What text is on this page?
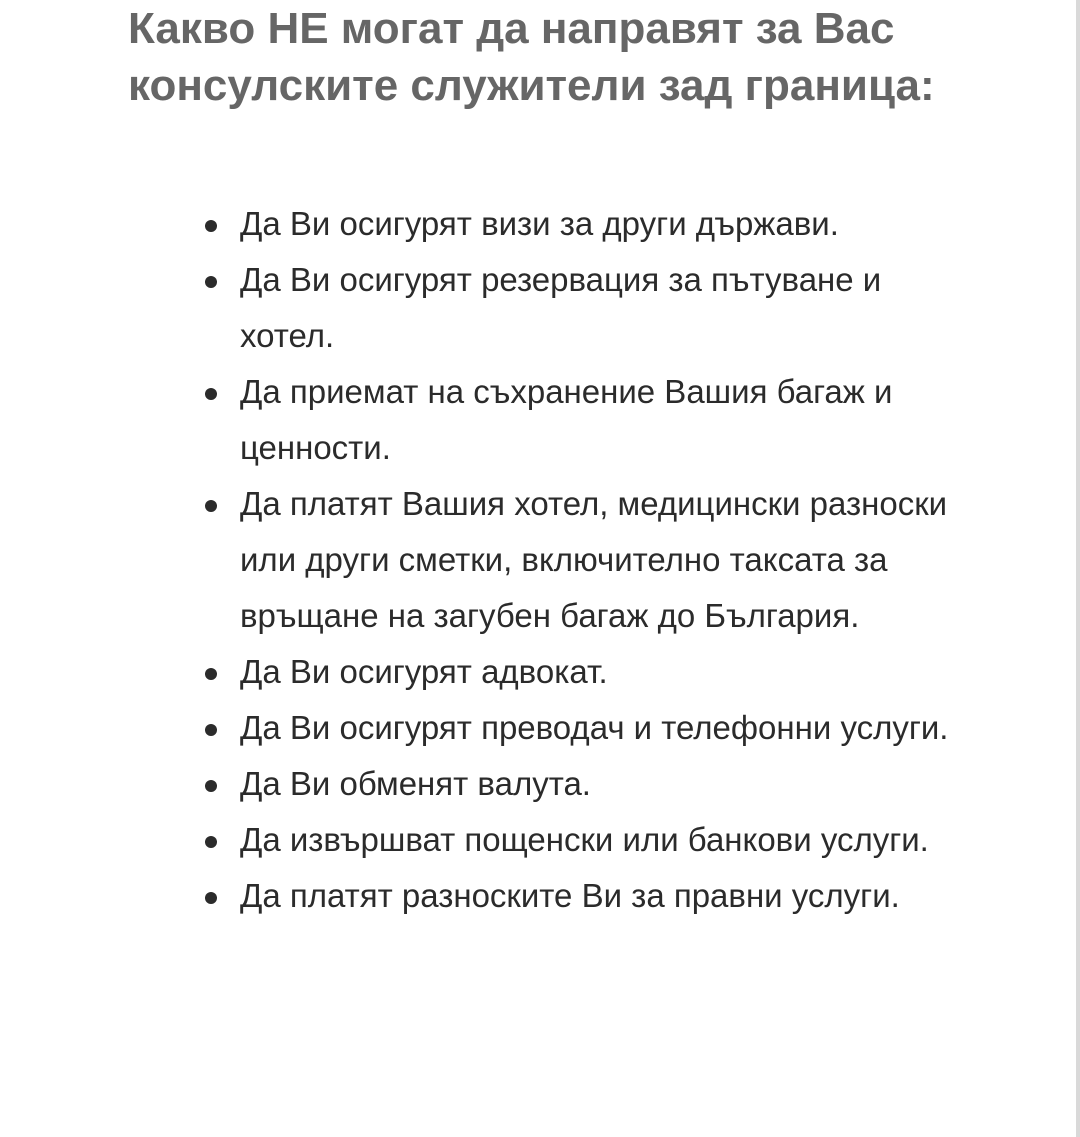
Какво НЕ могат да направят за Вас консулските служители зад граница:
Да Ви осигурят визи за други държави.
Да Ви осигурят резервация за пътуване и хотел.
Да приемат на съхранение Вашия багаж и ценности.
Да платят Вашия хотел, медицински разноски или други сметки, включително таксата за връщане на загубен багаж до България.
Да Ви осигурят адвокат.
Да Ви осигурят преводач и телефонни услуги.
Да Ви обменят валута.
Да извършват пощенски или банкови услуги.
Да платят разноските Ви за правни услуги.
